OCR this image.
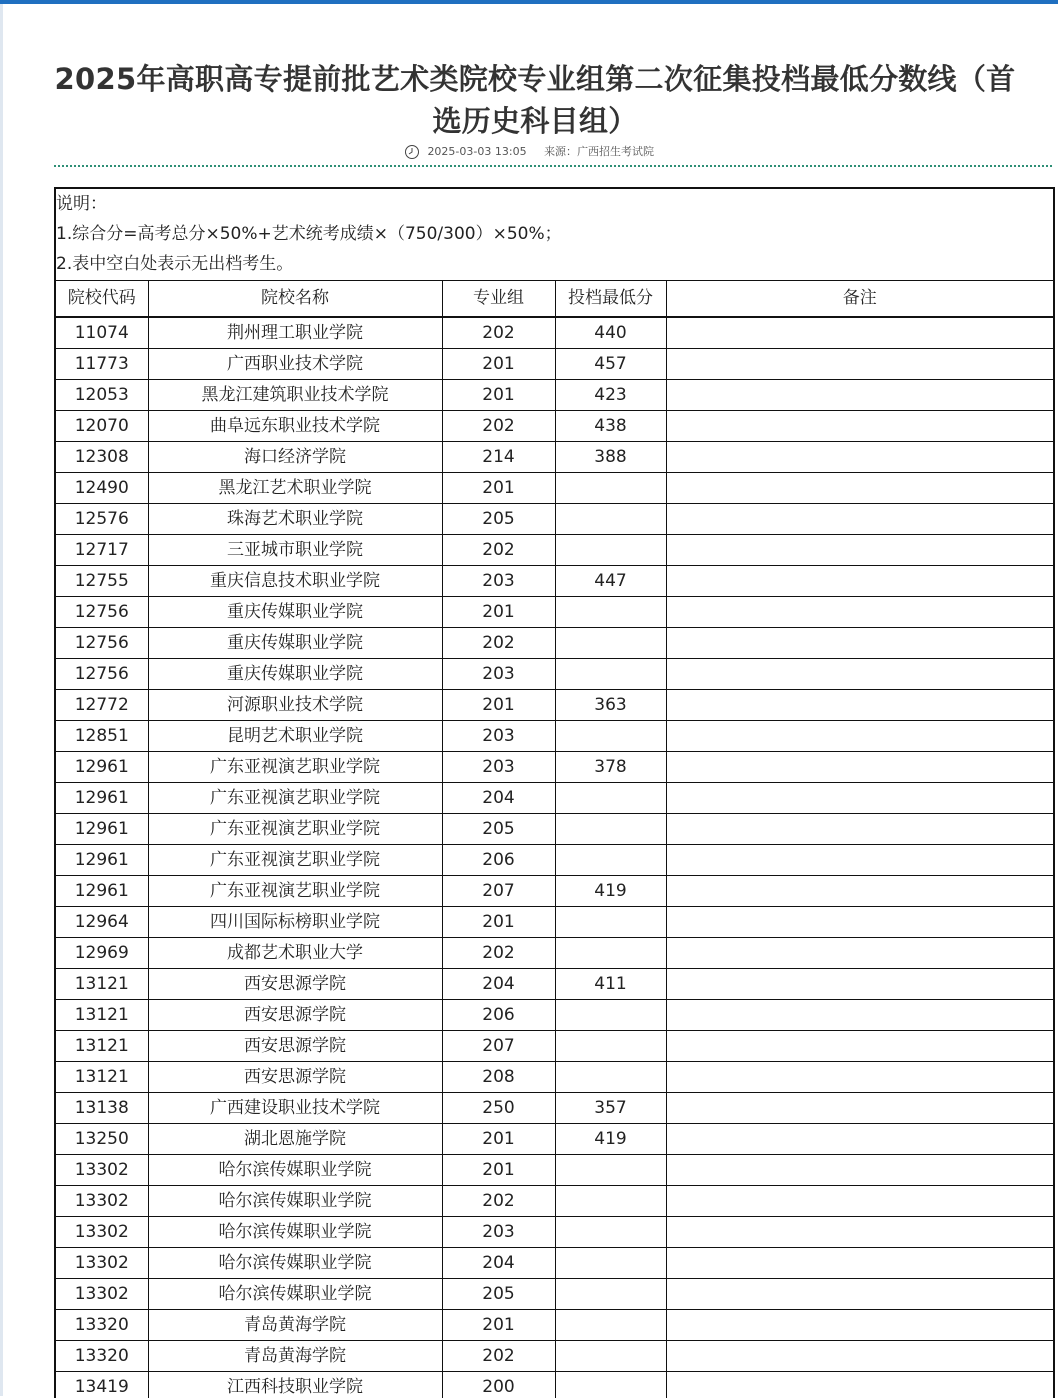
2025年高职高专提前批艺术类院校专业组第二次征集投档最低分数线（首选历史科目组）
2025-03-03 13:05 来源：广西招生考试院
说明：
1.综合分=高考总分×50%+艺术统考成绩×（750/300）×50%；
2.表中空白处表示无出档考生。
院校代码	院校名称	专业组	投档最低分	备注
11074	荆州理工职业学院	202	440	
11773	广西职业技术学院	201	457	
12053	黑龙江建筑职业技术学院	201	423	
12070	曲阜远东职业技术学院	202	438	
12308	海口经济学院	214	388	
12490	黑龙江艺术职业学院	201		
12576	珠海艺术职业学院	205		
12717	三亚城市职业学院	202		
12755	重庆信息技术职业学院	203	447	
12756	重庆传媒职业学院	201		
12756	重庆传媒职业学院	202		
12756	重庆传媒职业学院	203		
12772	河源职业技术学院	201	363	
12851	昆明艺术职业学院	203		
12961	广东亚视演艺职业学院	203	378	
12961	广东亚视演艺职业学院	204		
12961	广东亚视演艺职业学院	205		
12961	广东亚视演艺职业学院	206		
12961	广东亚视演艺职业学院	207	419	
12964	四川国际标榜职业学院	201		
12969	成都艺术职业大学	202		
13121	西安思源学院	204	411	
13121	西安思源学院	206		
13121	西安思源学院	207		
13121	西安思源学院	208		
13138	广西建设职业技术学院	250	357	
13250	湖北恩施学院	201	419	
13302	哈尔滨传媒职业学院	201		
13302	哈尔滨传媒职业学院	202		
13302	哈尔滨传媒职业学院	203		
13302	哈尔滨传媒职业学院	204		
13302	哈尔滨传媒职业学院	205		
13320	青岛黄海学院	201		
13320	青岛黄海学院	202		
13419	江西科技职业学院	200		
